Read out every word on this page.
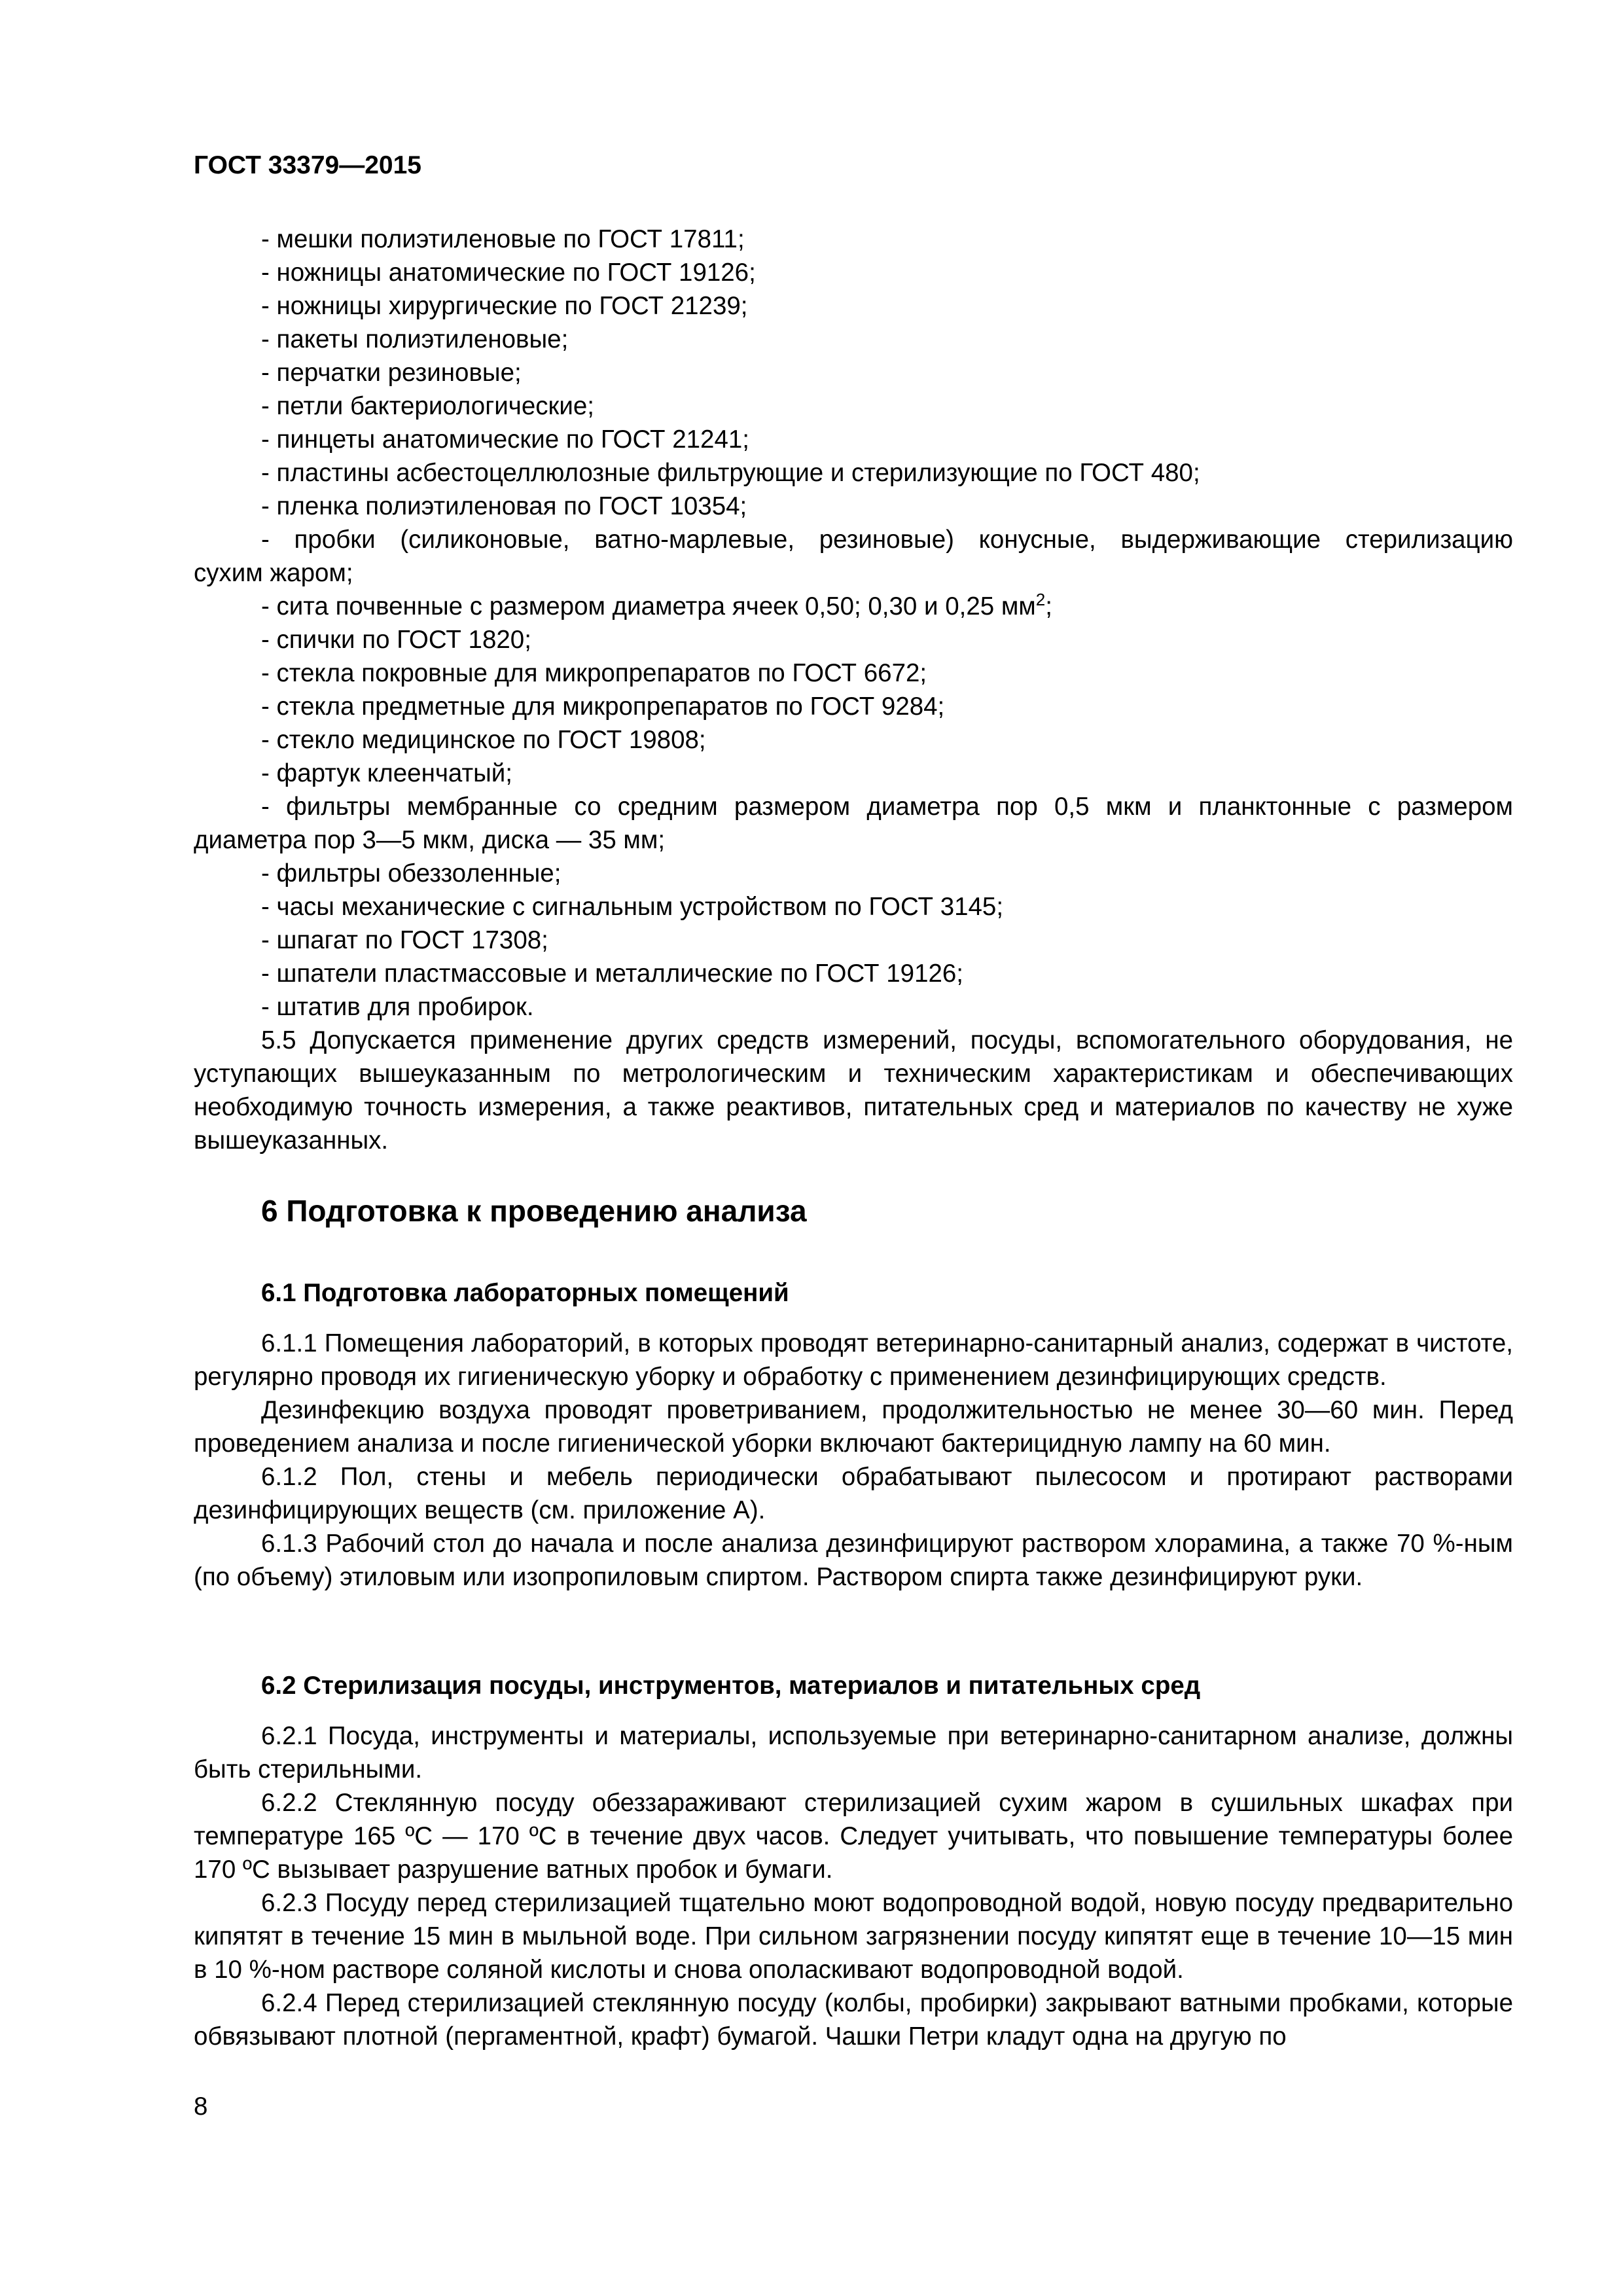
ГОСТ 33379—2015
- мешки полиэтиленовые по ГОСТ 17811;
- ножницы анатомические по ГОСТ 19126;
- ножницы хирургические по ГОСТ 21239;
- пакеты полиэтиленовые;
- перчатки резиновые;
- петли бактериологические;
- пинцеты анатомические по ГОСТ 21241;
- пластины асбестоцеллюлозные фильтрующие и стерилизующие по ГОСТ 480;
- пленка полиэтиленовая по ГОСТ 10354;
- пробки (силиконовые, ватно-марлевые, резиновые) конусные, выдерживающие стерилизацию
сухим жаром;
- сита почвенные с размером диаметра ячеек 0,50; 0,30 и 0,25 $мм^2$;
- спички по ГОСТ 1820;
- стекла покровные для микропрепаратов по ГОСТ 6672;
- стекла предметные для микропрепаратов по ГОСТ 9284;
- стекло медицинское по ГОСТ 19808;
- фартук клеенчатый;
- фильтры мембранные со средним размером диаметра пор 0,5 мкм и планктонные с размером
диаметра пор 3—5 мкм, диска — 35 мм;
- фильтры обеззоленные;
- часы механические с сигнальным устройством по ГОСТ 3145;
- шпагат по ГОСТ 17308;
- шпатели пластмассовые и металлические по ГОСТ 19126;
- штатив для пробирок.
5.5 Допускается применение других средств измерений, посуды, вспомогательного оборудования, не уступающих вышеуказанным по метрологическим и техническим характеристикам и обеспечивающих необходимую точность измерения, а также реактивов, питательных сред и материалов по качеству не хуже вышеуказанных.
6 Подготовка к проведению анализа
6.1 Подготовка лабораторных помещений
6.1.1 Помещения лабораторий, в которых проводят ветеринарно-санитарный анализ, содержат в чистоте, регулярно проводя их гигиеническую уборку и обработку с применением дезинфицирующих средств.
Дезинфекцию воздуха проводят проветриванием, продолжительностью не менее 30—60 мин. Перед проведением анализа и после гигиенической уборки включают бактерицидную лампу на 60 мин.
6.1.2 Пол, стены и мебель периодически обрабатывают пылесосом и протирают растворами дезинфицирующих веществ (см. приложение А).
6.1.3 Рабочий стол до начала и после анализа дезинфицируют раствором хлорамина, а также 70 %-ным (по объему) этиловым или изопропиловым спиртом. Раствором спирта также дезинфицируют руки.
6.2 Стерилизация посуды, инструментов, материалов и питательных сред
6.2.1 Посуда, инструменты и материалы, используемые при ветеринарно-санитарном анализе, должны быть стерильными.
6.2.2 Стеклянную посуду обеззараживают стерилизацией сухим жаром в сушильных шкафах при температуре 165 ºС — 170 ºС в течение двух часов. Следует учитывать, что повышение температуры более 170 ºС вызывает разрушение ватных пробок и бумаги.
6.2.3 Посуду перед стерилизацией тщательно моют водопроводной водой, новую посуду предварительно кипятят в течение 15 мин в мыльной воде. При сильном загрязнении посуду кипятят еще в течение 10—15 мин в 10 %-ном растворе соляной кислоты и снова ополаскивают водопроводной водой.
6.2.4 Перед стерилизацией стеклянную посуду (колбы, пробирки) закрывают ватными пробками, которые обвязывают плотной (пергаментной, крафт) бумагой. Чашки Петри кладут одна на другую по
8
